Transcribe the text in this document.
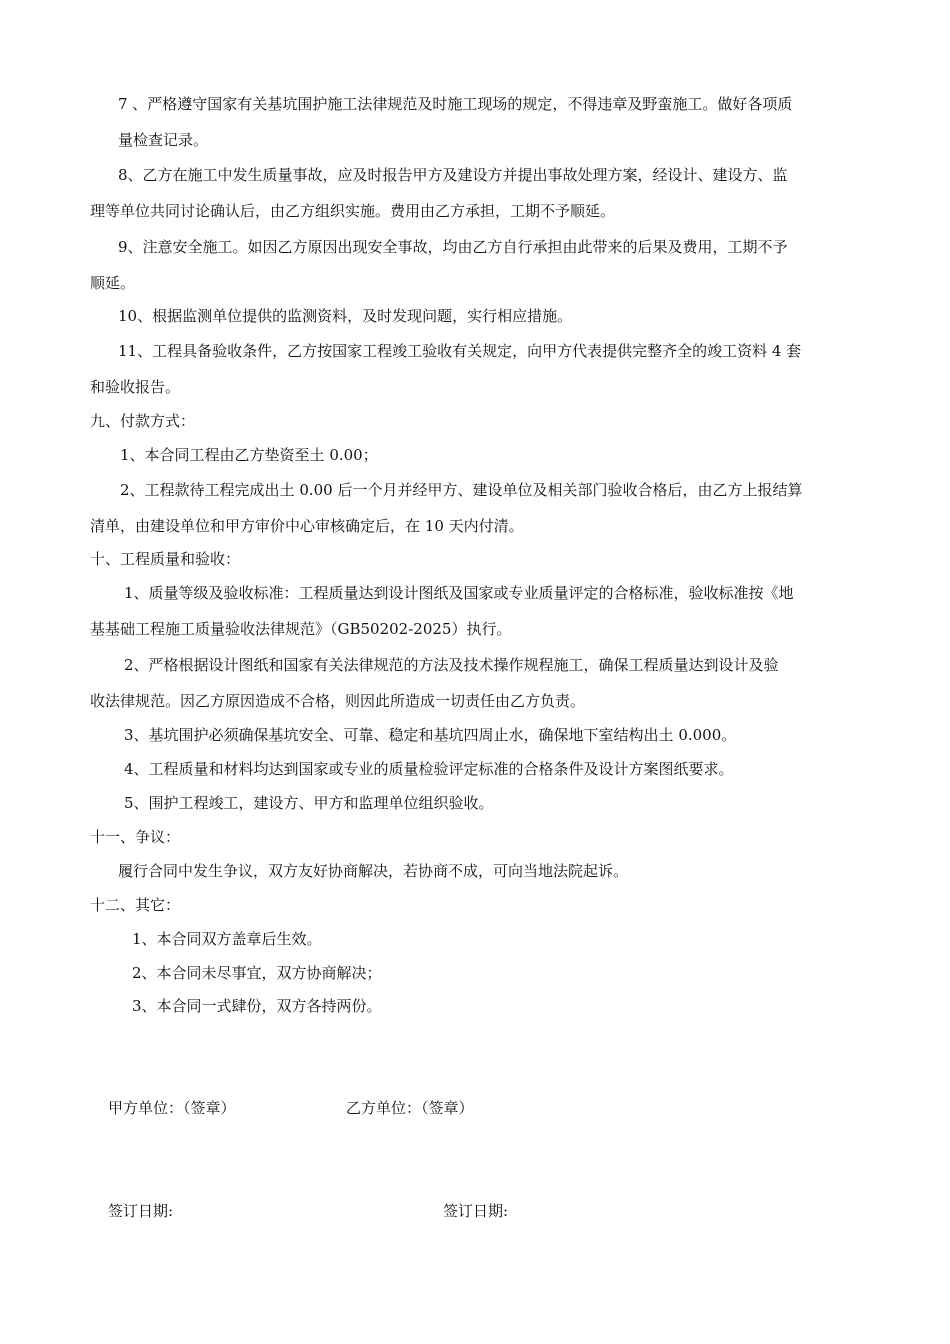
7 、严格遵守国家有关基坑围护施工法律规范及时施工现场的规定，不得违章及野蛮施工。做好各项质

量检查记录。

8、乙方在施工中发生质量事故，应及时报告甲方及建设方并提出事故处理方案，经设计、建设方、监

理等单位共同讨论确认后，由乙方组织实施。费用由乙方承担，工期不予顺延。

9、注意安全施工。如因乙方原因出现安全事故，均由乙方自行承担由此带来的后果及费用，工期不予

顺延。

10、根据监测单位提供的监测资料，及时发现问题，实行相应措施。

11、工程具备验收条件，乙方按国家工程竣工验收有关规定，向甲方代表提供完整齐全的竣工资料 4 套

和验收报告。

九、付款方式：

1、本合同工程由乙方垫资至土 0.00；

2、工程款待工程完成出土 0.00 后一个月并经甲方、建设单位及相关部门验收合格后，由乙方上报结算

清单，由建设单位和甲方审价中心审核确定后，在 10 天内付清。

十、工程质量和验收：

1、质量等级及验收标准：工程质量达到设计图纸及国家或专业质量评定的合格标准，验收标准按《地

基基础工程施工质量验收法律规范》（GB50202-2025）执行。

2、严格根据设计图纸和国家有关法律规范的方法及技术操作规程施工，确保工程质量达到设计及验

收法律规范。因乙方原因造成不合格，则因此所造成一切责任由乙方负责。

3、基坑围护必须确保基坑安全、可靠、稳定和基坑四周止水，确保地下室结构出土 0.000。

4、工程质量和材料均达到国家或专业的质量检验评定标准的合格条件及设计方案图纸要求。

5、围护工程竣工，建设方、甲方和监理单位组织验收。

十一、争议：

履行合同中发生争议，双方友好协商解决，若协商不成，可向当地法院起诉。

十二、其它：

1、本合同双方盖章后生效。

2、本合同未尽事宜，双方协商解决；

3、本合同一式肆份，双方各持两份。

甲方单位：（签章）	乙方单位：（签章）

签订日期:	签订日期:
